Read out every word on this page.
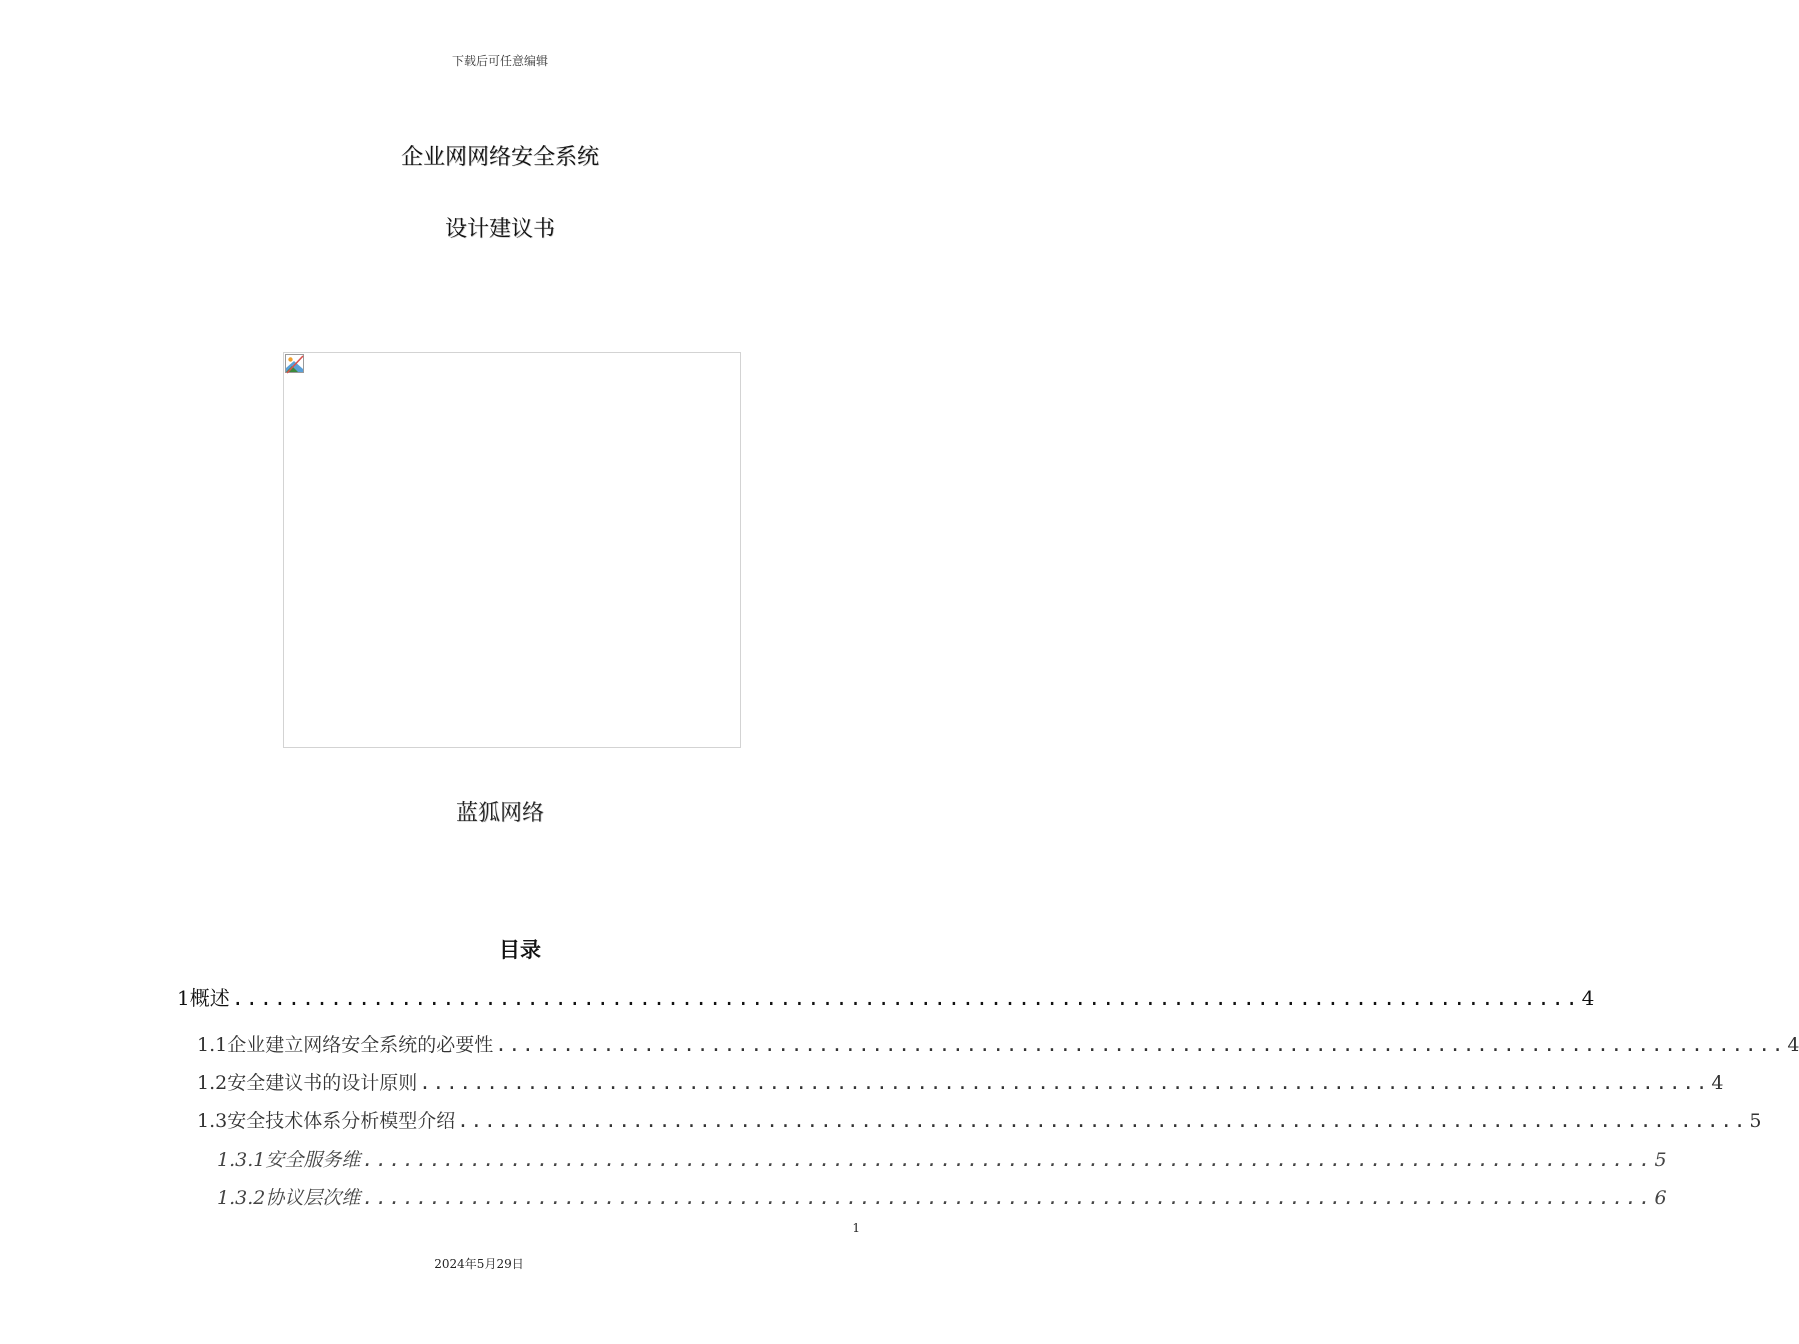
下载后可任意编辑
企业网网络安全系统
设计建议书
蓝狐网络
目录
1 概述 ................................................................................................ 4
1.1 企业建立网络安全系统的必要性 ................................................................................................ 4
1.2 安全建议书的设计原则 ................................................................................................ 4
1.3 安全技术体系分析模型介绍 ................................................................................................ 5
1.3.1 安全服务维 ................................................................................................ 5
1.3.2 协议层次维 ................................................................................................ 6
1
2024年5月29日
